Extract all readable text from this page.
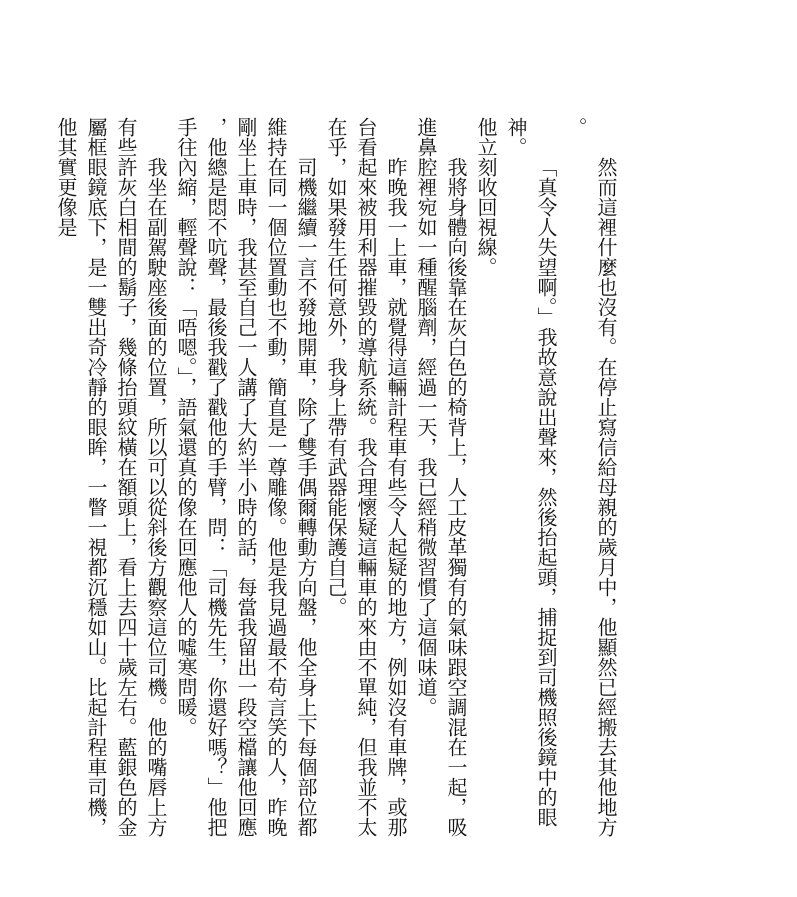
然而這裡什麼也沒有。在停止寫信給母親的歲月中，他顯然已經搬去其他地方。

「真令人失望啊。」我故意說出聲來，然後抬起頭，捕捉到司機照後鏡中的眼神。

他立刻收回視線。

我將身體向後靠在灰白色的椅背上，人工皮革獨有的氣味跟空調混在一起，吸進鼻腔裡宛如一種醒腦劑，經過一天，我已經稍微習慣了這個味道。

昨晚我一上車，就覺得這輛計程車有些令人起疑的地方，例如沒有車牌，或那台看起來被用利器摧毀的導航系統。我合理懷疑這輛車的來由不單純，但我並不太在乎，如果發生任何意外，我身上帶有武器能保護自己。

司機繼續一言不發地開車，除了雙手偶爾轉動方向盤，他全身上下每個部位都維持在同一個位置動也不動，簡直是一尊雕像。他是我見過最不苟言笑的人，昨晚剛坐上車時，我甚至自己一人講了大約半小時的話，每當我留出一段空檔讓他回應，他總是悶不吭聲，最後我戳了戳他的手臂，問：「司機先生，你還好嗎？」他把手往內縮，輕聲說：「唔嗯。」，語氣還真的像在回應他人的噓寒問暖。

我坐在副駕駛座後面的位置，所以可以從斜後方觀察這位司機。他的嘴唇上方有些許灰白相間的鬍子，幾條抬頭紋橫在額頭上，看上去四十歲左右。藍銀色的金屬框眼鏡底下，是一雙出奇冷靜的眼眸，一瞥一視都沉穩如山。比起計程車司機，他其實更像是
